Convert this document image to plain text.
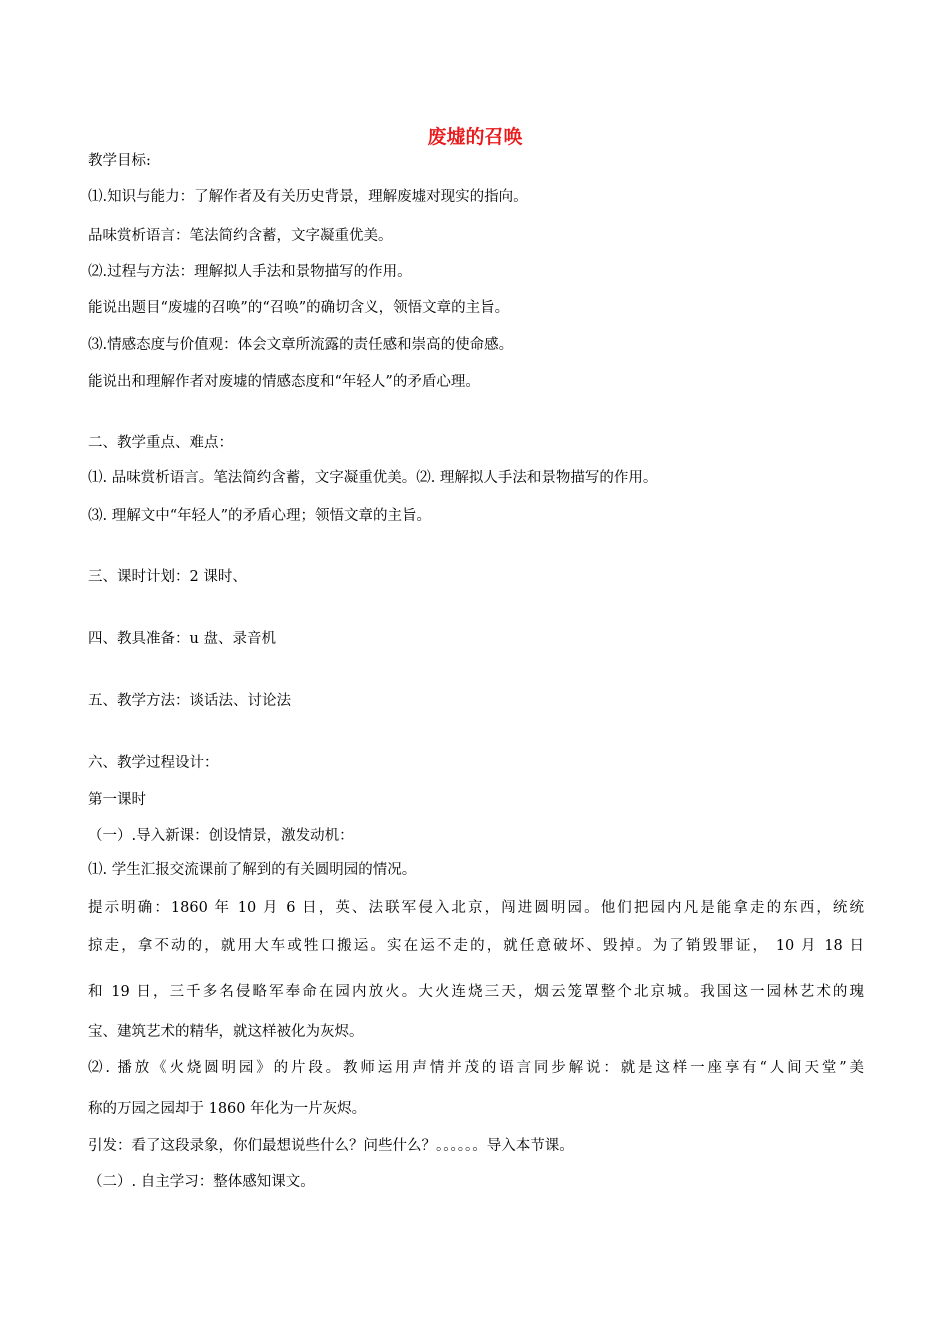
废墟的召唤
教学目标:
⑴.知识与能力：了解作者及有关历史背景，理解废墟对现实的指向。
品味赏析语言：笔法简约含蓄，文字凝重优美。
⑵.过程与方法：理解拟人手法和景物描写的作用。
能说出题目“废墟的召唤”的“召唤”的确切含义，领悟文章的主旨。
⑶.情感态度与价值观：体会文章所流露的责任感和崇高的使命感。
能说出和理解作者对废墟的情感态度和“年轻人”的矛盾心理。
二、教学重点、难点：
⑴. 品味赏析语言。笔法简约含蓄，文字凝重优美。⑵. 理解拟人手法和景物描写的作用。
⑶. 理解文中“年轻人”的矛盾心理；领悟文章的主旨。
三、课时计划：2 课时、
四、教具准备：u 盘、录音机
五、教学方法：谈话法、讨论法
六、教学过程设计：
第一课时
（一）.导入新课：创设情景，激发动机：
⑴. 学生汇报交流课前了解到的有关圆明园的情况。
提示明确：1860 年 10 月 6 日，英、法联军侵入北京，闯进圆明园。他们把园内凡是能拿走的东西，统统
掠走，拿不动的，就用大车或牲口搬运。实在运不走的，就任意破坏、毁掉。为了销毁罪证， 10 月 18 日
和 19 日，三千多名侵略军奉命在园内放火。大火连烧三天，烟云笼罩整个北京城。我国这一园林艺术的瑰
宝、建筑艺术的精华，就这样被化为灰烬。
⑵. 播放《火烧圆明园》的片段。教师运用声情并茂的语言同步解说：就是这样一座享有“人间天堂”美
称的万园之园却于 1860 年化为一片灰烬。
引发：看了这段录象，你们最想说些什么？问些什么？。。。。。。导入本节课。
（二）. 自主学习：整体感知课文。
